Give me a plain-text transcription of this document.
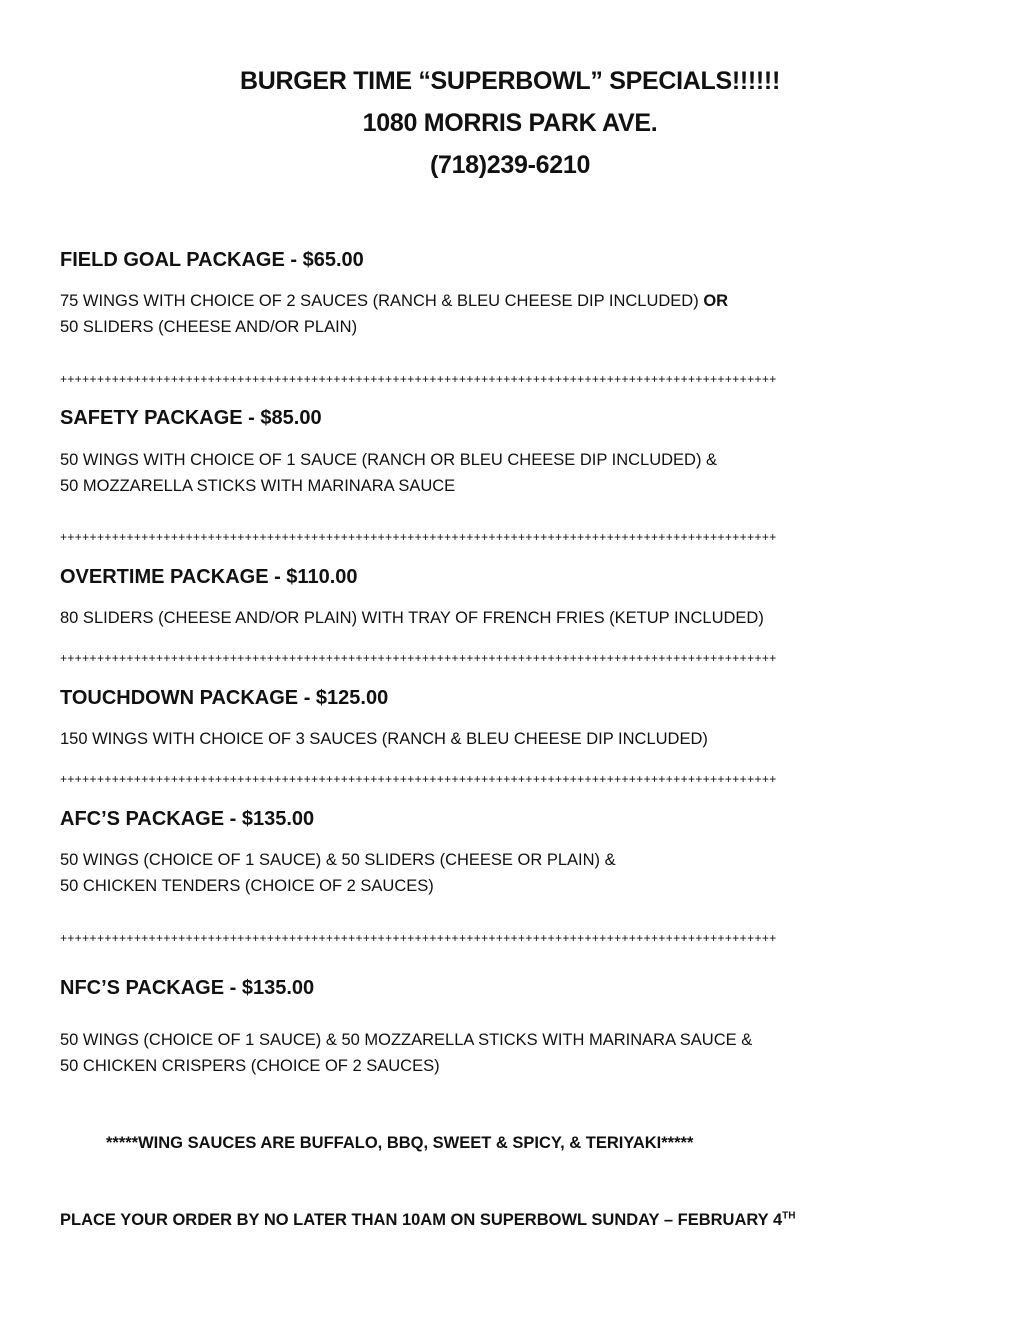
BURGER TIME “SUPERBOWL” SPECIALS!!!!!!
1080 MORRIS PARK AVE.
(718)239-6210
FIELD GOAL PACKAGE - $65.00
75 WINGS WITH CHOICE OF 2 SAUCES (RANCH & BLEU CHEESE DIP INCLUDED) OR
50 SLIDERS (CHEESE AND/OR PLAIN)
+++++++++++++++++++++++++++++++++++++++++++++++++++++++++++++++++++++++++++++++++++++++++++++++++
SAFETY PACKAGE - $85.00
50 WINGS WITH CHOICE OF 1 SAUCE (RANCH OR BLEU CHEESE DIP INCLUDED) &
50 MOZZARELLA STICKS WITH MARINARA SAUCE
+++++++++++++++++++++++++++++++++++++++++++++++++++++++++++++++++++++++++++++++++++++++++++++++++
OVERTIME PACKAGE - $110.00
80 SLIDERS (CHEESE AND/OR PLAIN) WITH TRAY OF FRENCH FRIES (KETUP INCLUDED)
+++++++++++++++++++++++++++++++++++++++++++++++++++++++++++++++++++++++++++++++++++++++++++++++++
TOUCHDOWN PACKAGE - $125.00
150 WINGS WITH CHOICE OF 3 SAUCES (RANCH & BLEU CHEESE DIP INCLUDED)
+++++++++++++++++++++++++++++++++++++++++++++++++++++++++++++++++++++++++++++++++++++++++++++++++
AFC’S PACKAGE - $135.00
50 WINGS (CHOICE OF 1 SAUCE) & 50 SLIDERS (CHEESE OR PLAIN) &
50 CHICKEN TENDERS (CHOICE OF 2 SAUCES)
+++++++++++++++++++++++++++++++++++++++++++++++++++++++++++++++++++++++++++++++++++++++++++++++++
NFC’S PACKAGE - $135.00
50 WINGS (CHOICE OF 1 SAUCE) & 50 MOZZARELLA STICKS WITH MARINARA SAUCE &
50 CHICKEN CRISPERS (CHOICE OF 2 SAUCES)
*****WING SAUCES ARE BUFFALO, BBQ, SWEET & SPICY, & TERIYAKI*****
PLACE YOUR ORDER BY NO LATER THAN 10AM ON SUPERBOWL SUNDAY – FEBRUARY 4TH
